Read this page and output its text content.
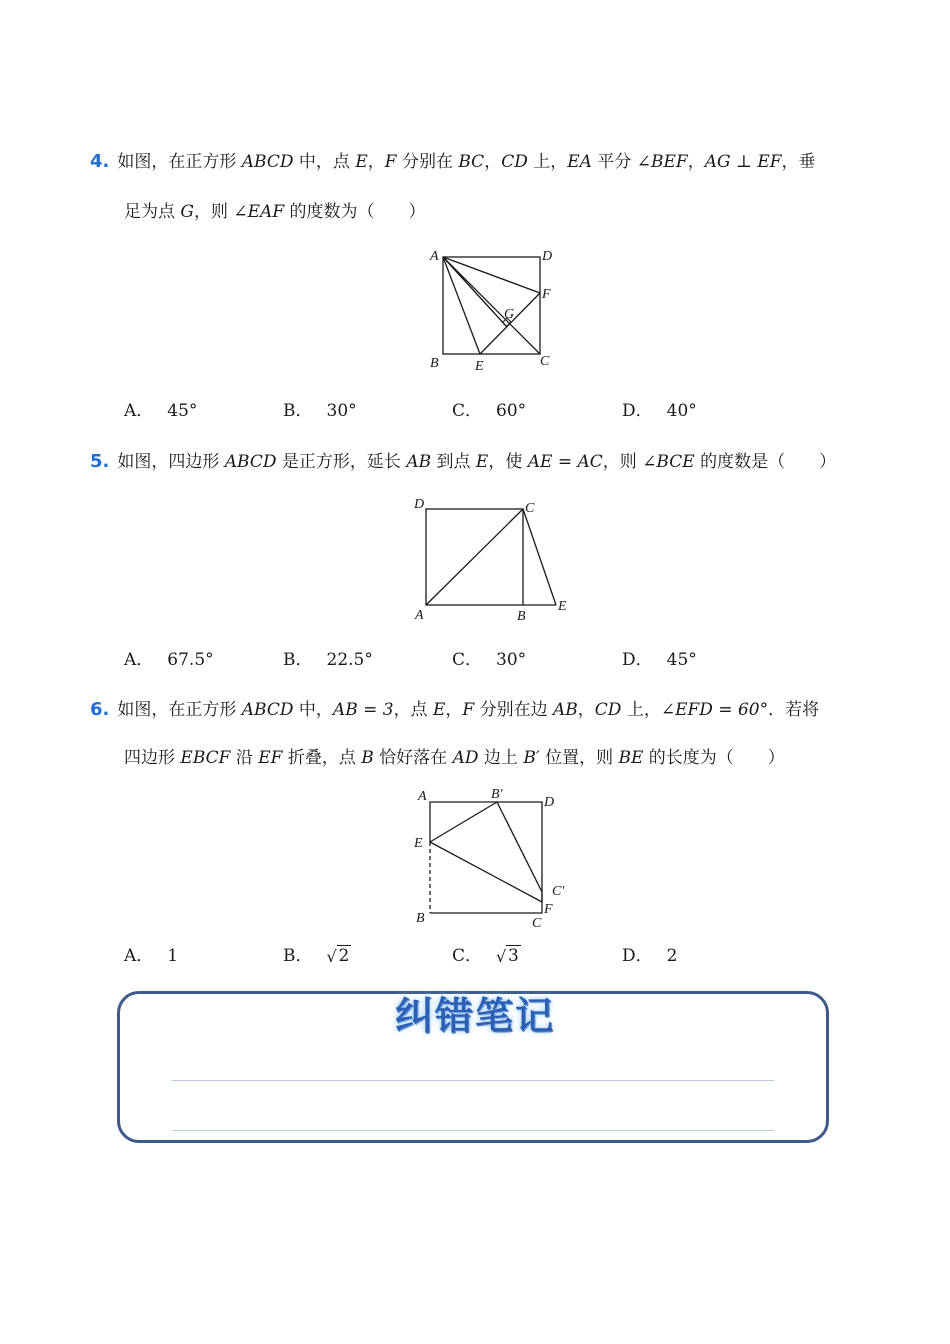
4. 如图，在正方形 ABCD 中，点 E，F 分别在 BC，CD 上，EA 平分 ∠BEF，AG ⊥ EF，垂
足为点 G，则 ∠EAF 的度数为（　　）
A	D
F
G
B	E	C
A． 45°	B． 30°	C． 60°	D． 40°
5. 如图，四边形 ABCD 是正方形，延长 AB 到点 E，使 AE = AC，则 ∠BCE 的度数是（　　）
D	C
A	B
E
A． 67.5°	B． 22.5°	C． 30°	D． 45°
6. 如图，在正方形 ABCD 中，AB = 3，点 E，F 分别在边 AB，CD 上，∠EFD = 60°．若将
四边形 EBCF 沿 EF 折叠，点 B 恰好落在 AD 边上 B′ 位置，则 BE 的长度为（　　）
A	B′
D
E
C′
F
B	C
A． 1	B． √ 2	C． √ 3	D． 2
纠错笔记
